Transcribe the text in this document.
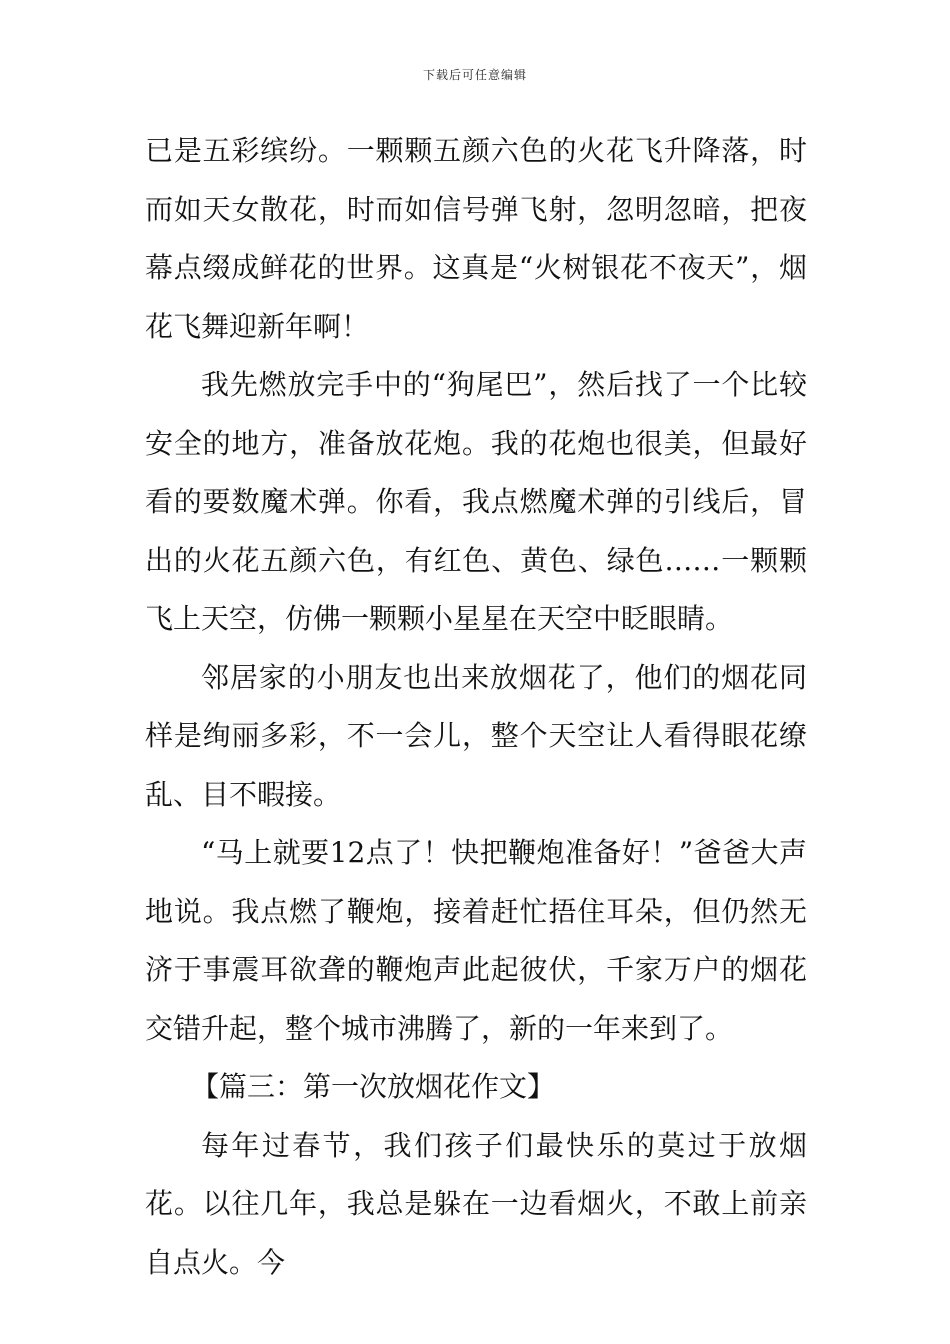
下载后可任意编辑

已是五彩缤纷。一颗颗五颜六色的火花飞升降落，时而如天女散花，时而如信号弹飞射，忽明忽暗，把夜幕点缀成鲜花的世界。这真是“火树银花不夜天”，烟花飞舞迎新年啊！

我先燃放完手中的“狗尾巴”，然后找了一个比较安全的地方，准备放花炮。我的花炮也很美，但最好看的要数魔术弹。你看，我点燃魔术弹的引线后，冒出的火花五颜六色，有红色、黄色、绿色……一颗颗飞上天空，仿佛一颗颗小星星在天空中眨眼睛。

邻居家的小朋友也出来放烟花了，他们的烟花同样是绚丽多彩，不一会儿，整个天空让人看得眼花缭乱、目不暇接。

“马上就要12点了！快把鞭炮准备好！”爸爸大声地说。我点燃了鞭炮，接着赶忙捂住耳朵，但仍然无济于事震耳欲聋的鞭炮声此起彼伏，千家万户的烟花交错升起，整个城市沸腾了，新的一年来到了。

【篇三：第一次放烟花作文】

每年过春节，我们孩子们最快乐的莫过于放烟花。以往几年，我总是躲在一边看烟火，不敢上前亲自点火。今
